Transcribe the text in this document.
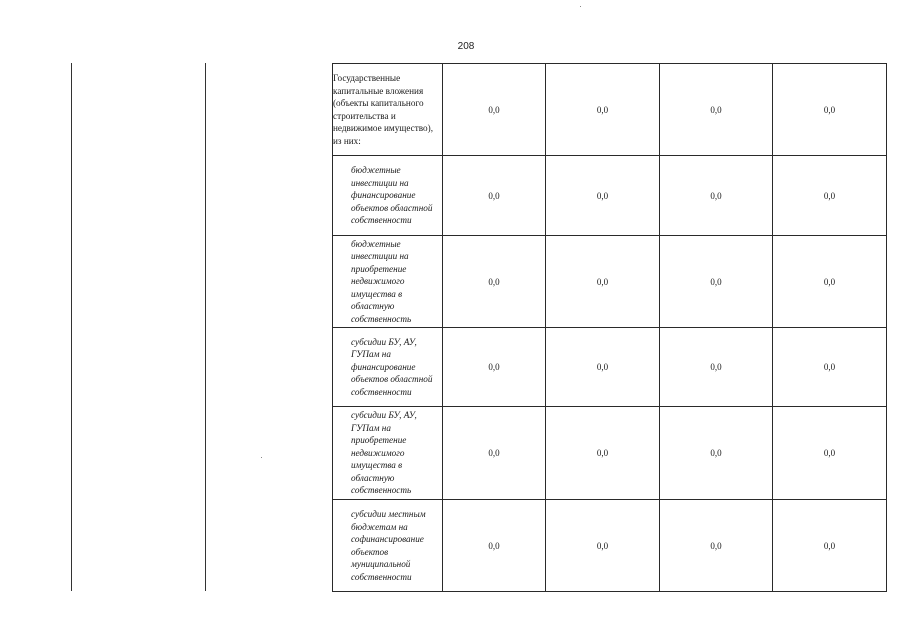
208
Государственные капитальные вложения (объекты капитального строительства и недвижимое имущество), из них:	0,0	0,0	0,0	0,0
бюджетные инвестиции на финансирование объектов областной собственности	0,0	0,0	0,0	0,0
бюджетные инвестиции на приобретение недвижимого имущества в областную собственность	0,0	0,0	0,0	0,0
субсидии БУ, АУ, ГУПам на финансирование объектов областной собственности	0,0	0,0	0,0	0,0
субсидии БУ, АУ, ГУПам на приобретение недвижимого имущества в областную собственность	0,0	0,0	0,0	0,0
субсидии местным бюджетам на софинансирование объектов муниципальной собственности	0,0	0,0	0,0	0,0
